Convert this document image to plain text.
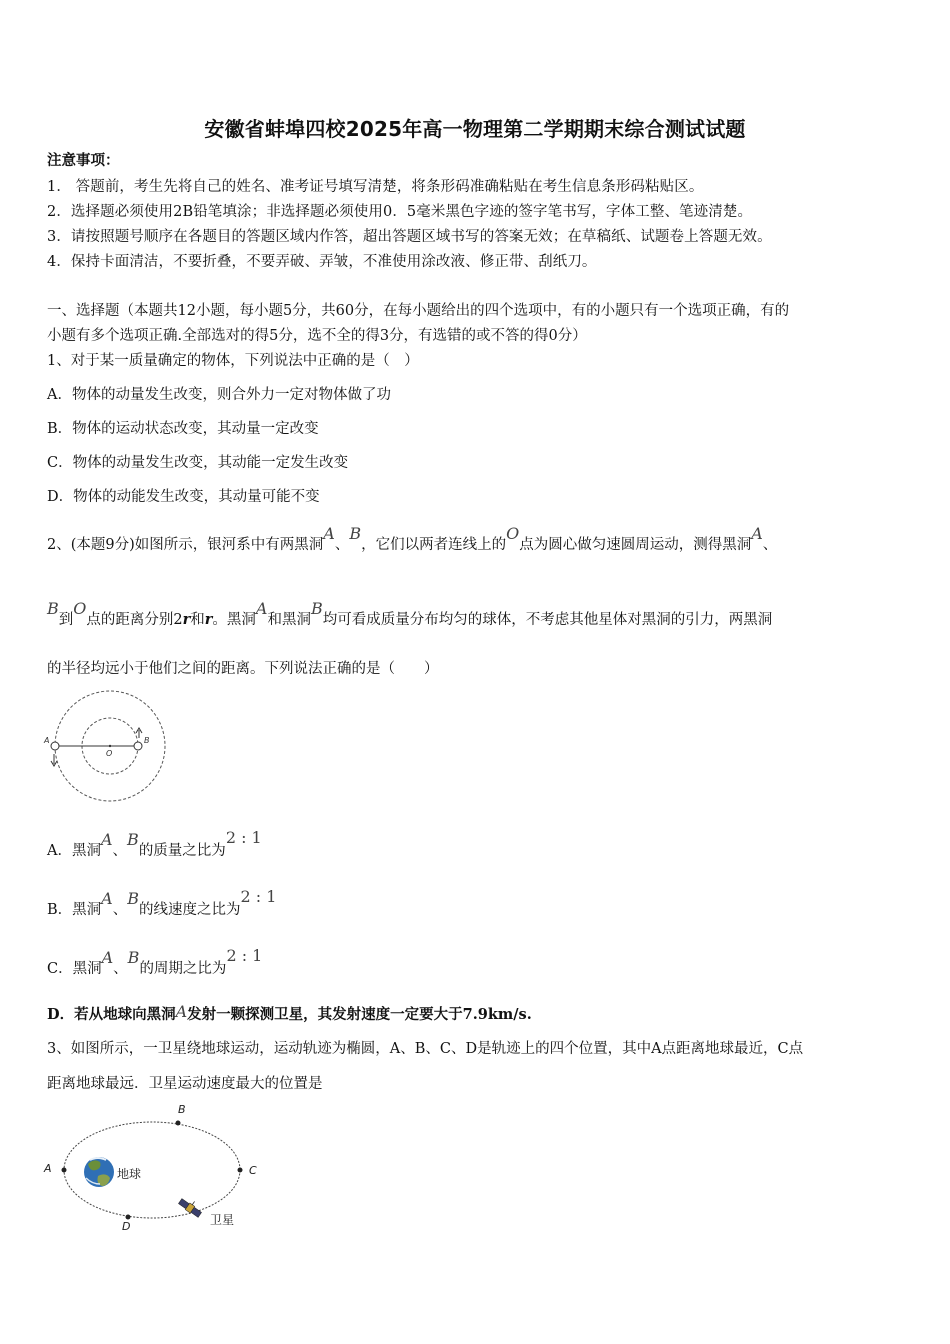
安徽省蚌埠四校2025年高一物理第二学期期末综合测试试题
注意事项：
1． 答题前，考生先将自己的姓名、准考证号填写清楚，将条形码准确粘贴在考生信息条形码粘贴区。
2．选择题必须使用2B铅笔填涂；非选择题必须使用0．5毫米黑色字迹的签字笔书写，字体工整、笔迹清楚。
3．请按照题号顺序在各题目的答题区域内作答，超出答题区域书写的答案无效；在草稿纸、试题卷上答题无效。
4．保持卡面清洁，不要折叠，不要弄破、弄皱，不准使用涂改液、修正带、刮纸刀。
一、选择题（本题共12小题，每小题5分，共60分，在每小题给出的四个选项中，有的小题只有一个选项正确，有的
小题有多个选项正确.全部选对的得5分，选不全的得3分，有选错的或不答的得0分）
1、对于某一质量确定的物体，下列说法中正确的是（　）
A．物体的动量发生改变，则合外力一定对物体做了功
B．物体的运动状态改变，其动量一定改变
C．物体的动量发生改变，其动能一定发生改变
D．物体的动能发生改变，其动量可能不变
2、(本题9分)如图所示，银河系中有两黑洞A、B，它们以两者连线上的O点为圆心做匀速圆周运动，测得黑洞A、
B到O点的距离分别2r和r。黑洞A和黑洞B均可看成质量分布均匀的球体，不考虑其他星体对黑洞的引力，两黑洞
的半径均远小于他们之间的距离。下列说法正确的是（　　）
A	B
O
A．黑洞A、B的质量之比为2 : 1
B．黑洞A、B的线速度之比为2 : 1
C．黑洞A、B的周期之比为2 : 1
D．若从地球向黑洞A发射一颗探测卫星，其发射速度一定要大于7.9km/s.
3、如图所示，一卫星绕地球运动，运动轨迹为椭圆，A、B、C、D是轨迹上的四个位置，其中A点距离地球最近，C点
距离地球最远．卫星运动速度最大的位置是
A
B
C
D
地球
卫星
